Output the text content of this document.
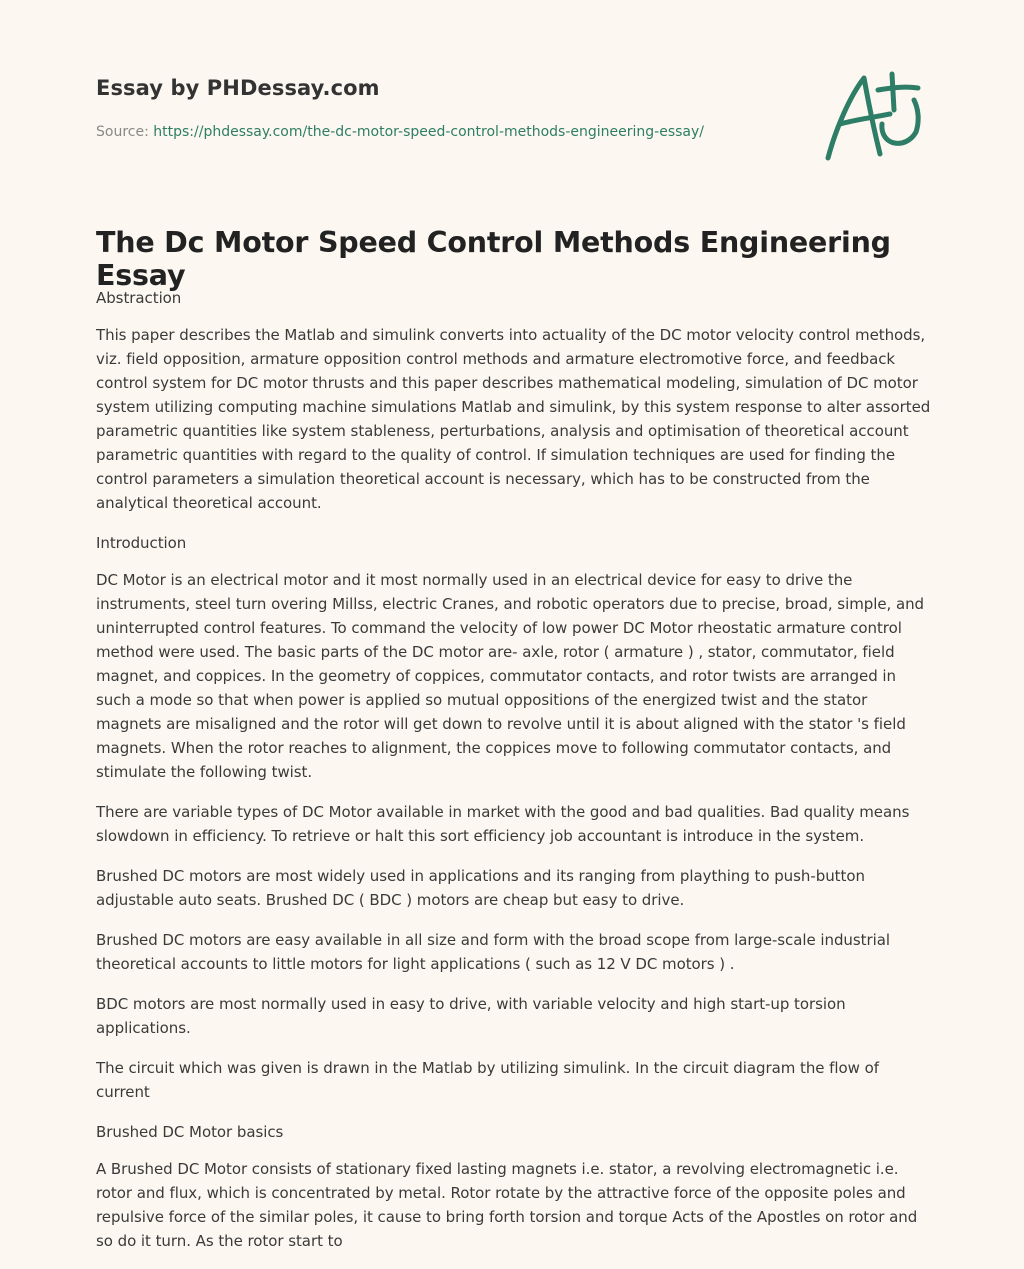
Essay by PHDessay.com

Source: https://phdessay.com/the-dc-motor-speed-control-methods-engineering-essay/
The Dc Motor Speed Control Methods Engineering Essay

Abstraction

This paper describes the Matlab and simulink converts into actuality of the DC motor velocity control methods, viz. field opposition, armature opposition control methods and armature electromotive force, and feedback control system for DC motor thrusts and this paper describes mathematical modeling, simulation of DC motor system utilizing computing machine simulations Matlab and simulink, by this system response to alter assorted parametric quantities like system stableness, perturbations, analysis and optimisation of theoretical account parametric quantities with regard to the quality of control. If simulation techniques are used for finding the control parameters a simulation theoretical account is necessary, which has to be constructed from the analytical theoretical account.

Introduction

DC Motor is an electrical motor and it most normally used in an electrical device for easy to drive the instruments, steel turn overing Millss, electric Cranes, and robotic operators due to precise, broad, simple, and uninterrupted control features. To command the velocity of low power DC Motor rheostatic armature control method were used. The basic parts of the DC motor are- axle, rotor ( armature ) , stator, commutator, field magnet, and coppices. In the geometry of coppices, commutator contacts, and rotor twists are arranged in such a mode so that when power is applied so mutual oppositions of the energized twist and the stator magnets are misaligned and the rotor will get down to revolve until it is about aligned with the stator 's field magnets. When the rotor reaches to alignment, the coppices move to following commutator contacts, and stimulate the following twist.

There are variable types of DC Motor available in market with the good and bad qualities. Bad quality means slowdown in efficiency. To retrieve or halt this sort efficiency job accountant is introduce in the system.

Brushed DC motors are most widely used in applications and its ranging from plaything to push-button adjustable auto seats. Brushed DC ( BDC ) motors are cheap but easy to drive.

Brushed DC motors are easy available in all size and form with the broad scope from large-scale industrial theoretical accounts to little motors for light applications ( such as 12 V DC motors ) .

BDC motors are most normally used in easy to drive, with variable velocity and high start-up torsion applications.

The circuit which was given is drawn in the Matlab by utilizing simulink. In the circuit diagram the flow of current

Brushed DC Motor basics

A Brushed DC Motor consists of stationary fixed lasting magnets i.e. stator, a revolving electromagnetic i.e. rotor and flux, which is concentrated by metal. Rotor rotate by the attractive force of the opposite poles and repulsive force of the similar poles, it cause to bring forth torsion and torque Acts of the Apostles on rotor and so do it turn. As the rotor start to
